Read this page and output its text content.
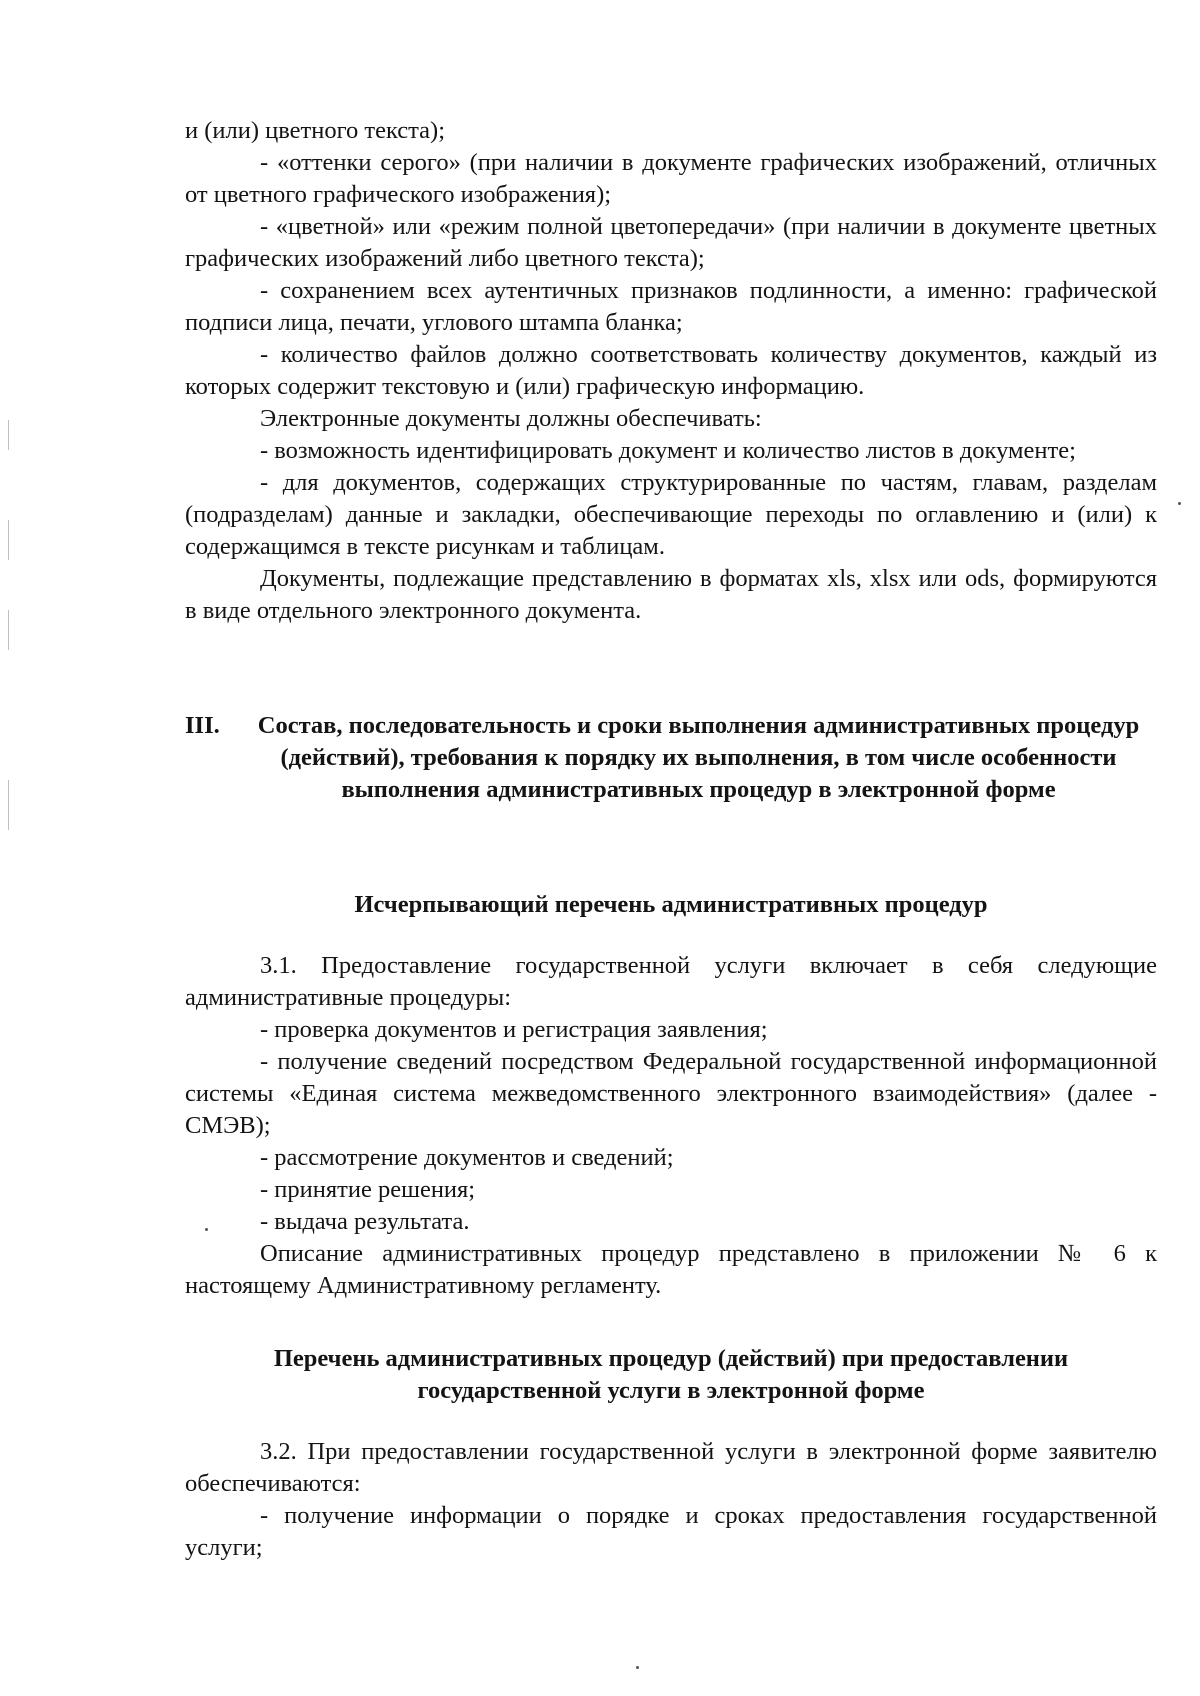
и (или) цветного текста);

- «оттенки серого» (при наличии в документе графических изображений, отличных от цветного графического изображения);

- «цветной» или «режим полной цветопередачи» (при наличии в документе цветных графических изображений либо цветного текста);

- сохранением всех аутентичных признаков подлинности, а именно: графической подписи лица, печати, углового штампа бланка;

- количество файлов должно соответствовать количеству документов, каждый из которых содержит текстовую и (или) графическую информацию.

Электронные документы должны обеспечивать:

- возможность идентифицировать документ и количество листов в документе;

- для документов, содержащих структурированные по частям, главам, разделам (подразделам) данные и закладки, обеспечивающие переходы по оглавлению и (или) к содержащимся в тексте рисункам и таблицам.

Документы, подлежащие представлению в форматах xls, xlsx или ods, формируются в виде отдельного электронного документа.

III.	Состав, последовательность и сроки выполнения административных процедур (действий), требования к порядку их выполнения, в том числе особенности выполнения административных процедур в электронной форме

Исчерпывающий перечень административных процедур

3.1. Предоставление государственной услуги включает в себя следующие административные процедуры:

- проверка документов и регистрация заявления;

- получение сведений посредством Федеральной государственной информационной системы «Единая система межведомственного электронного взаимодействия» (далее - СМЭВ);

- рассмотрение документов и сведений;

- принятие решения;

- выдача результата.

Описание административных процедур представлено в приложении № 6 к настоящему Административному регламенту.

Перечень административных процедур (действий) при предоставлении государственной услуги в электронной форме

3.2. При предоставлении государственной услуги в электронной форме заявителю обеспечиваются:

- получение информации о порядке и сроках предоставления государственной услуги;
